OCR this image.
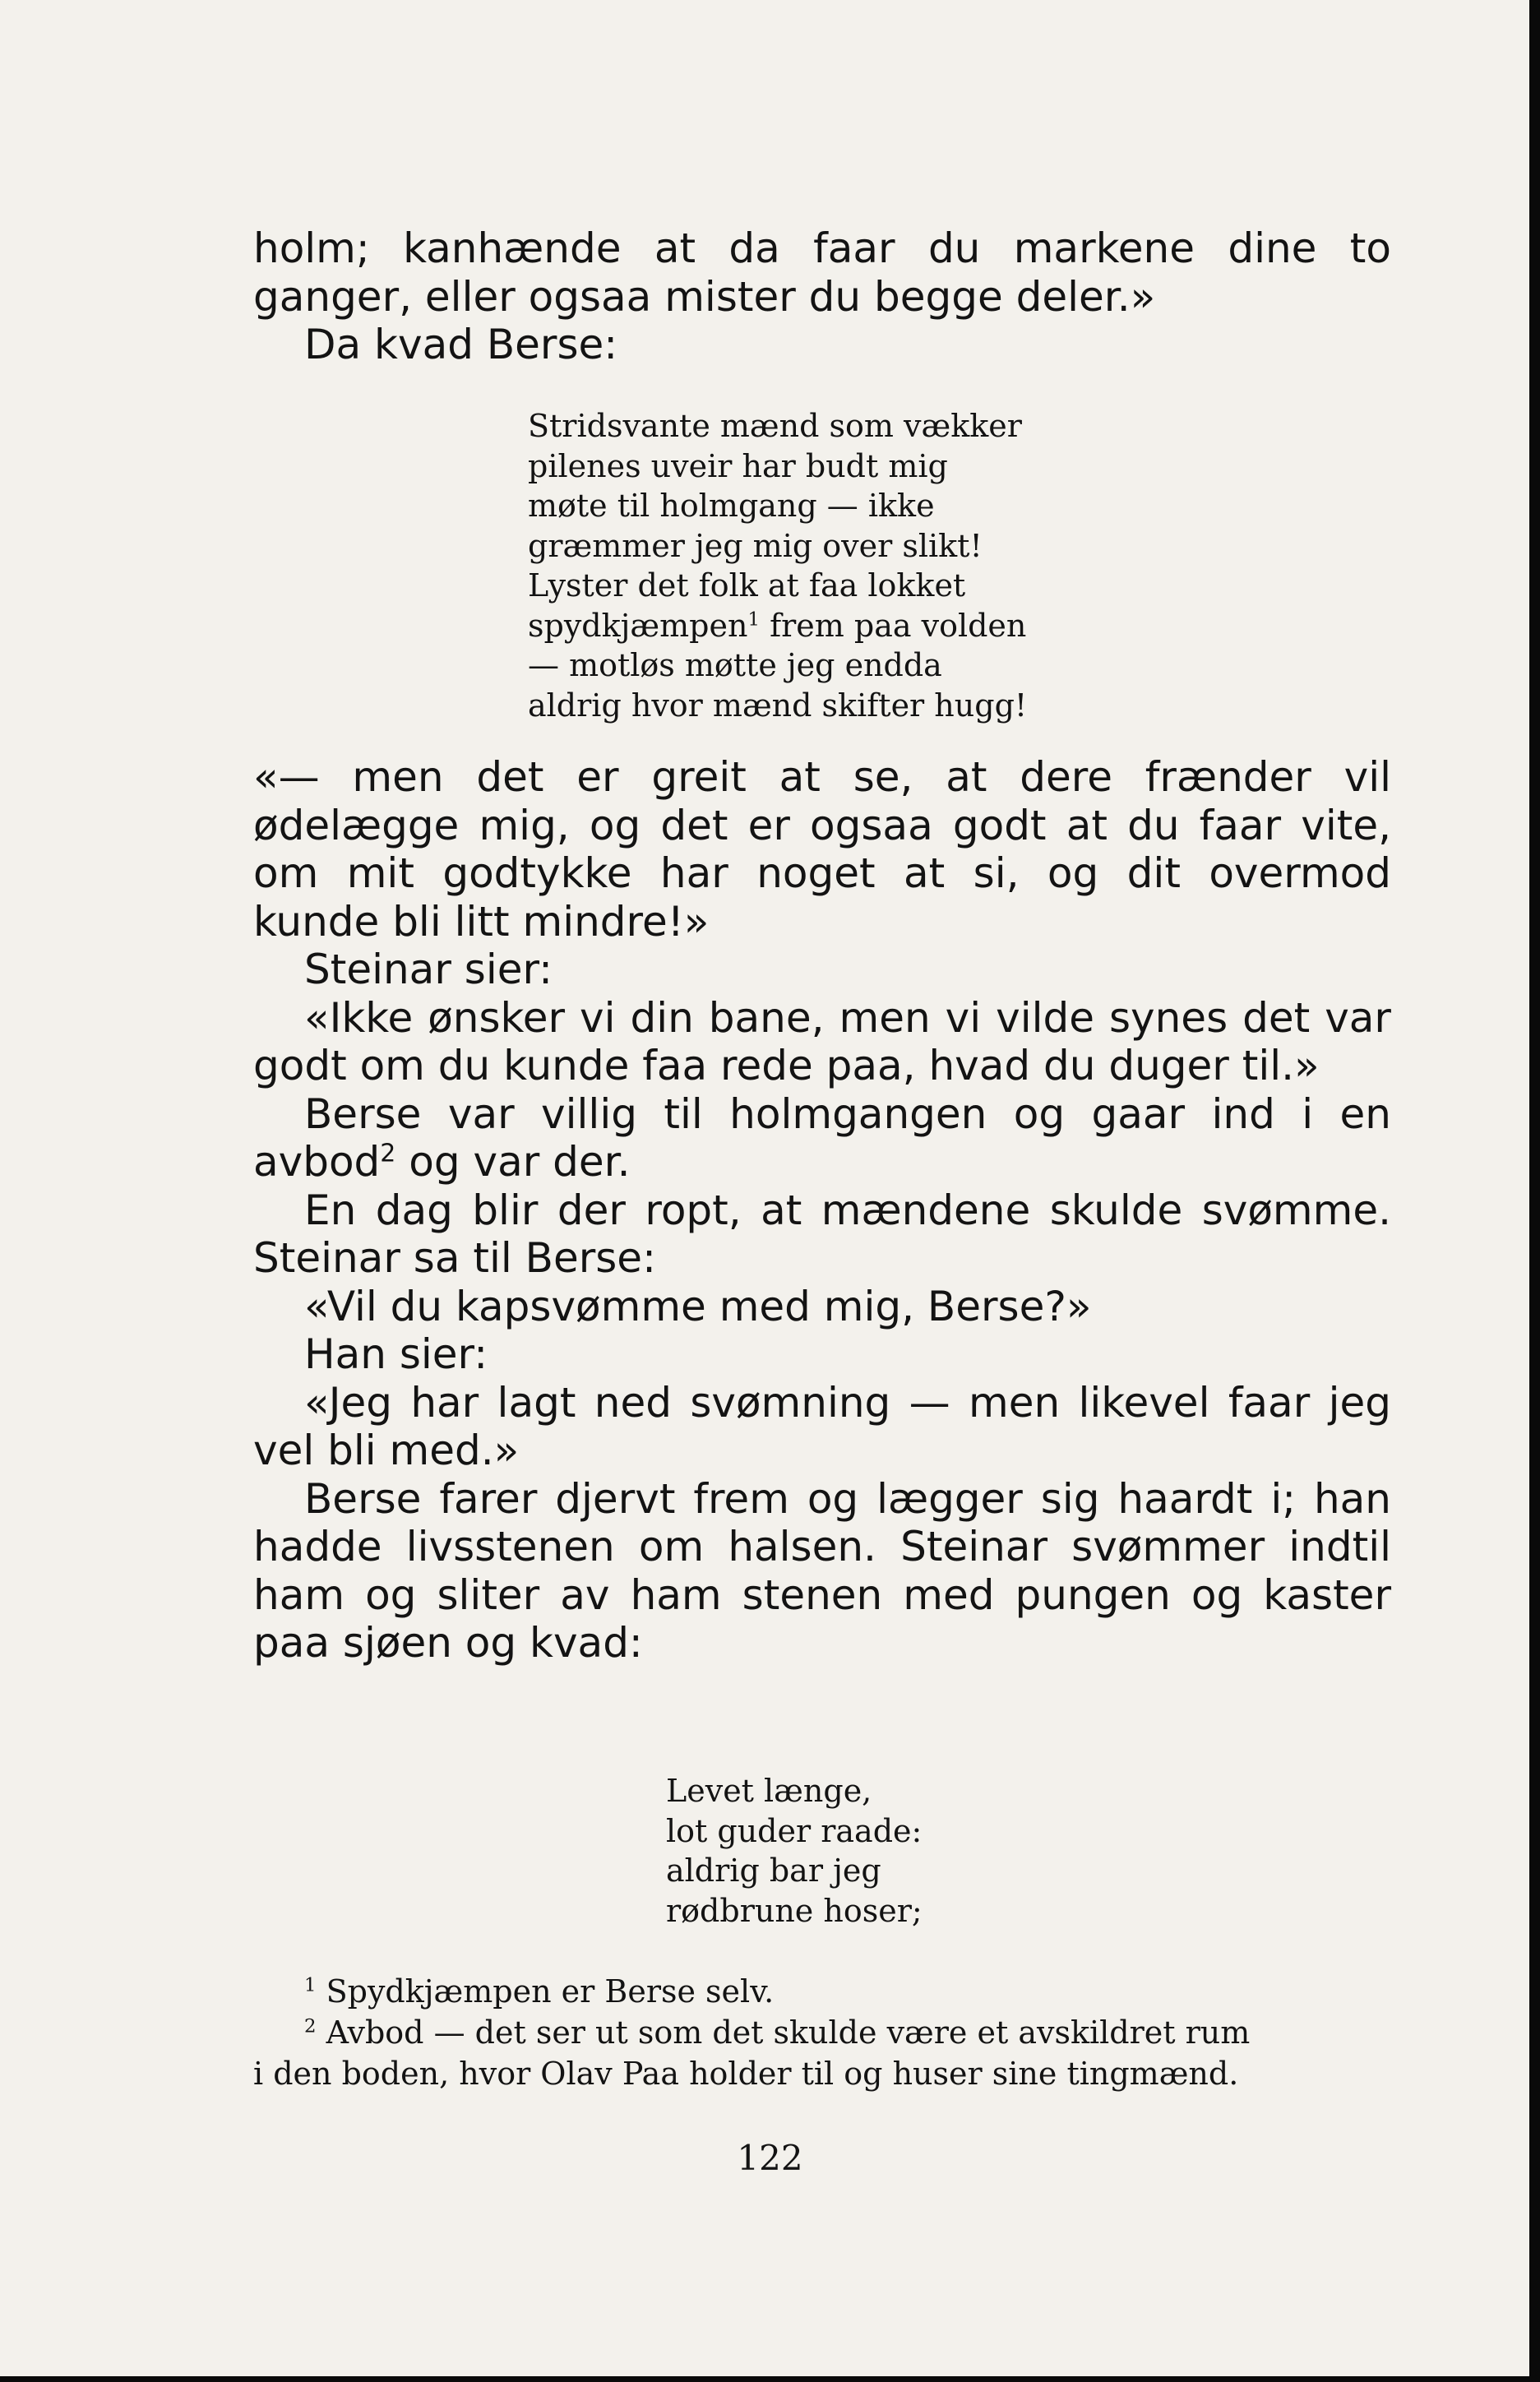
holm; kanhænde at da faar du markene dine to ganger, eller ogsaa mister du begge deler.»

Da kvad Berse:

Stridsvante mænd som vækker
pilenes uveir har budt mig
møte til holmgang — ikke
græmmer jeg mig over slikt!
Lyster det folk at faa lokket
spydkjæmpen$^1$ frem paa volden
— motløs møtte jeg endda
aldrig hvor mænd skifter hugg!

«— men det er greit at se, at dere frænder vil ødelægge mig, og det er ogsaa godt at du faar vite, om mit godtykke har noget at si, og dit overmod kunde bli litt mindre!»

Steinar sier:

«Ikke ønsker vi din bane, men vi vilde synes det var godt om du kunde faa rede paa, hvad du duger til.»

Berse var villig til holmgangen og gaar ind i en avbod$^2$ og var der.

En dag blir der ropt, at mændene skulde svømme. Steinar sa til Berse:

«Vil du kapsvømme med mig, Berse?»

Han sier:

«Jeg har lagt ned svømning — men likevel faar jeg vel bli med.»

Berse farer djervt frem og lægger sig haardt i; han hadde livsstenen om halsen. Steinar svømmer indtil ham og sliter av ham stenen med pungen og kaster paa sjøen og kvad:

Levet længe,
lot guder raade:
aldrig bar jeg
rødbrune hoser;
$^1$ Spydkjæmpen er Berse selv.
$^2$ Avbod — det ser ut som det skulde være et avskildret rum
i den boden, hvor Olav Paa holder til og huser sine tingmænd.
122
